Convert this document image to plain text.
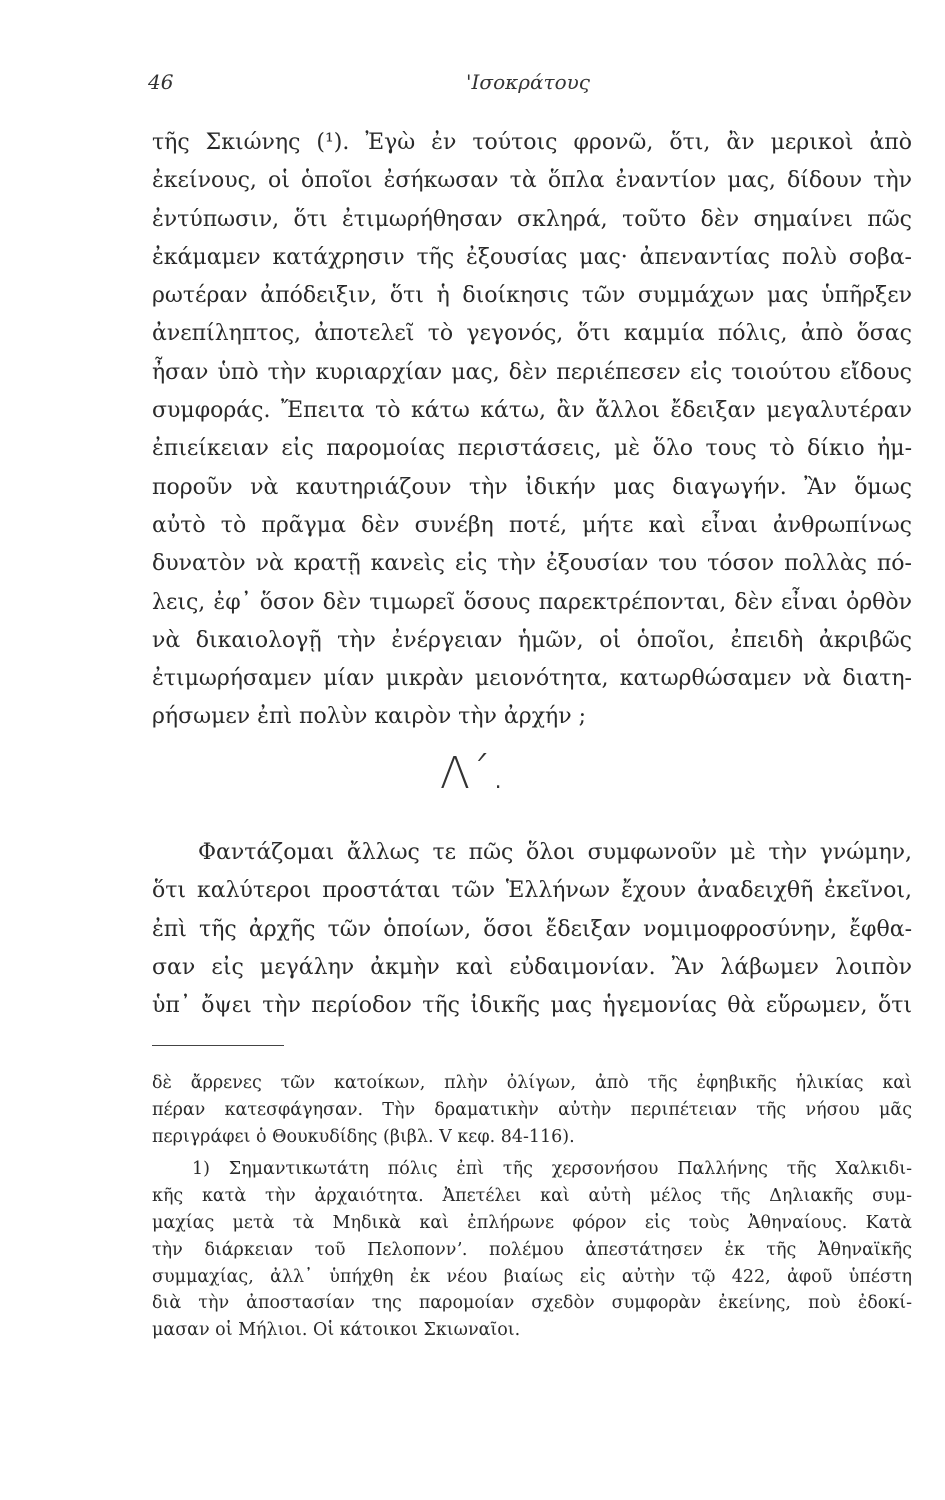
46	'Ισοκράτους
τῆς Σκιώνης (¹). Ἐγὼ ἐν τούτοις φρονῶ, ὅτι, ἂν μερικοὶ ἀπὸ
ἐκείνους, οἱ ὁποῖοι ἐσήκωσαν τὰ ὅπλα ἐναντίον μας, δίδουν τὴν
ἐντύπωσιν, ὅτι ἐτιμωρήθησαν σκληρά, τοῦτο δὲν σημαίνει πῶς
ἐκάμαμεν κατάχρησιν τῆς ἐξουσίας μας· ἀπεναντίας πολὺ σοβα-
ρωτέραν ἀπόδειξιν, ὅτι ἡ διοίκησις τῶν συμμάχων μας ὑπῆρξεν
ἀνεπίληπτος, ἀποτελεῖ τὸ γεγονός, ὅτι καμμία πόλις, ἀπὸ ὅσας
ἦσαν ὑπὸ τὴν κυριαρχίαν μας, δὲν περιέπεσεν εἰς τοιούτου εἴδους
συμφοράς. Ἔπειτα τὸ κάτω κάτω, ἂν ἄλλοι ἔδειξαν μεγαλυτέραν
ἐπιείκειαν εἰς παρομοίας περιστάσεις, μὲ ὅλο τους τὸ δίκιο ἠμ-
ποροῦν νὰ καυτηριάζουν τὴν ἰδικήν μας διαγωγήν. Ἂν ὅμως
αὐτὸ τὸ πρᾶγμα δὲν συνέβη ποτέ, μήτε καὶ εἶναι ἀνθρωπίνως
δυνατὸν νὰ κρατῇ κανεὶς εἰς τὴν ἐξουσίαν του τόσον πολλὰς πό-
λεις, ἐφ᾽ ὅσον δὲν τιμωρεῖ ὅσους παρεκτρέπονται, δὲν εἶναι ὀρθὸν
νὰ δικαιολογῇ τὴν ἐνέργειαν ἡμῶν, οἱ ὁποῖοι, ἐπειδὴ ἀκριβῶς
ἐτιμωρήσαμεν μίαν μικρὰν μειονότητα, κατωρθώσαμεν νὰ διατη-
ρήσωμεν ἐπὶ πολὺν καιρὸν τὴν ἀρχήν ;
Λ΄.
Φαντάζομαι ἄλλως τε πῶς ὅλοι συμφωνοῦν μὲ τὴν γνώμην,
ὅτι καλύτεροι προστάται τῶν Ἑλλήνων ἔχουν ἀναδειχθῆ ἐκεῖνοι,
ἐπὶ τῆς ἀρχῆς τῶν ὁποίων, ὅσοι ἔδειξαν νομιμοφροσύνην, ἔφθα-
σαν εἰς μεγάλην ἀκμὴν καὶ εὐδαιμονίαν. Ἂν λάβωμεν λοιπὸν
ὑπ᾽ ὄψει τὴν περίοδον τῆς ἰδικῆς μας ἡγεμονίας θὰ εὕρωμεν, ὅτι
δὲ ἄρρενες τῶν κατοίκων, πλὴν ὀλίγων, ἀπὸ τῆς ἐφηβικῆς ἡλικίας καὶ
πέραν κατεσφάγησαν. Τὴν δραματικὴν αὐτὴν περιπέτειαν τῆς νήσου μᾶς
περιγράφει ὁ Θουκυδίδης (βιβλ. V κεφ. 84-116).
1) Σημαντικωτάτη πόλις ἐπὶ τῆς χερσονήσου Παλλήνης τῆς Χαλκιδι-
κῆς κατὰ τὴν ἀρχαιότητα. Ἀπετέλει καὶ αὐτὴ μέλος τῆς Δηλιακῆς συμ-
μαχίας μετὰ τὰ Μηδικὰ καὶ ἐπλήρωνε φόρον εἰς τοὺς Ἀθηναίους. Κατὰ
τὴν διάρκειαν τοῦ Πελοποννʼ. πολέμου ἀπεστάτησεν ἐκ τῆς Ἀθηναϊκῆς
συμμαχίας, ἀλλ᾽ ὑπήχθη ἐκ νέου βιαίως εἰς αὐτὴν τῷ 422, ἀφοῦ ὑπέστη
διὰ τὴν ἀποστασίαν της παρομοίαν σχεδὸν συμφορὰν ἐκείνης, ποὺ ἐδοκί-
μασαν οἱ Μήλιοι. Οἱ κάτοικοι Σκιωναῖοι.
